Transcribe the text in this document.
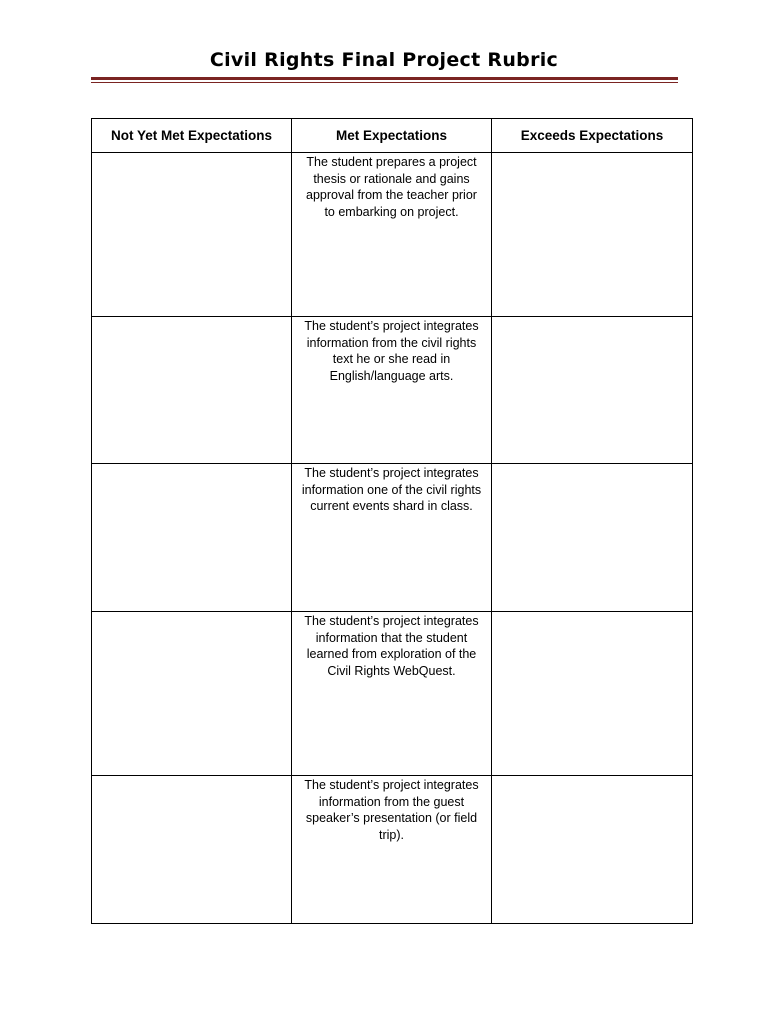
Civil Rights Final Project Rubric
Not Yet Met Expectations	Met Expectations	Exceeds Expectations

	The student prepares a project thesis or rationale and gains approval from the teacher prior to embarking on project.	

	The student’s project integrates information from the civil rights text he or she read in English/language arts.	

	The student’s project integrates information one of the civil rights current events shard in class.	

	The student’s project integrates information that the student learned from exploration of the Civil Rights WebQuest.	

	The student’s project integrates information from the guest speaker’s presentation (or field trip).	
